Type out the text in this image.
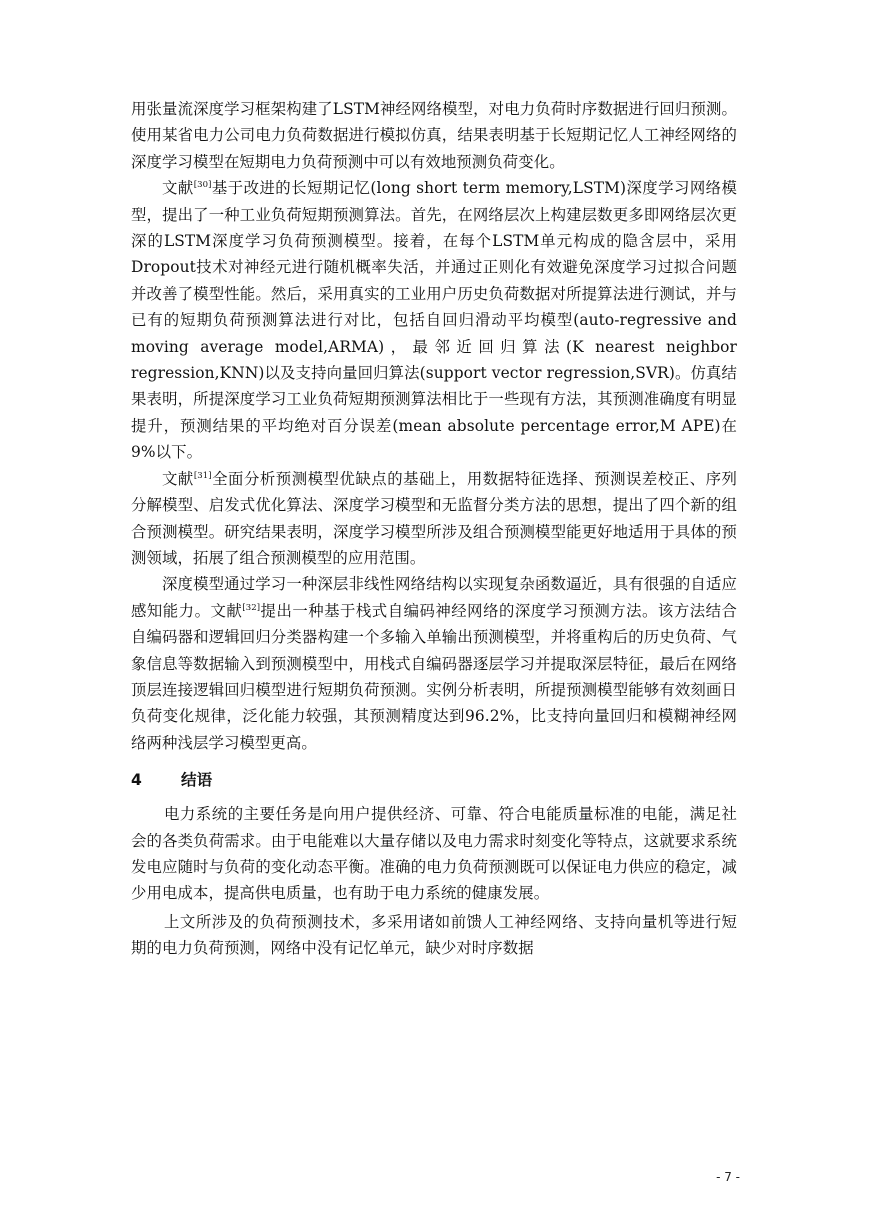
用张量流深度学习框架构建了LSTM神经网络模型，对电力负荷时序数据进行回归预测。使用某省电力公司电力负荷数据进行模拟仿真，结果表明基于长短期记忆人工神经网络的深度学习模型在短期电力负荷预测中可以有效地预测负荷变化。

文献[30]基于改进的长短期记忆(long short term memory,LSTM)深度学习网络模型，提出了一种工业负荷短期预测算法。首先，在网络层次上构建层数更多即网络层次更深的LSTM深度学习负荷预测模型。接着，在每个LSTM单元构成的隐含层中，采用Dropout技术对神经元进行随机概率失活，并通过正则化有效避免深度学习过拟合问题并改善了模型性能。然后，采用真实的工业用户历史负荷数据对所提算法进行测试，并与已有的短期负荷预测算法进行对比，包括自回归滑动平均模型(auto-regressive and moving average model,ARMA)，最邻近回归算法(K nearest neighbor regression,KNN)以及支持向量回归算法(support vector regression,SVR)。仿真结果表明，所提深度学习工业负荷短期预测算法相比于一些现有方法，其预测准确度有明显提升，预测结果的平均绝对百分误差(mean absolute percentage error,M APE)在9%以下。

文献[31]全面分析预测模型优缺点的基础上，用数据特征选择、预测误差校正、序列分解模型、启发式优化算法、深度学习模型和无监督分类方法的思想，提出了四个新的组合预测模型。研究结果表明，深度学习模型所涉及组合预测模型能更好地适用于具体的预测领域，拓展了组合预测模型的应用范围。

深度模型通过学习一种深层非线性网络结构以实现复杂函数逼近，具有很强的自适应感知能力。文献[32]提出一种基于栈式自编码神经网络的深度学习预测方法。该方法结合自编码器和逻辑回归分类器构建一个多输入单输出预测模型，并将重构后的历史负荷、气象信息等数据输入到预测模型中，用栈式自编码器逐层学习并提取深层特征，最后在网络顶层连接逻辑回归模型进行短期负荷预测。实例分析表明，所提预测模型能够有效刻画日负荷变化规律，泛化能力较强，其预测精度达到96.2%，比支持向量回归和模糊神经网络两种浅层学习模型更高。

4	结语

电力系统的主要任务是向用户提供经济、可靠、符合电能质量标准的电能，满足社会的各类负荷需求。由于电能难以大量存储以及电力需求时刻变化等特点，这就要求系统发电应随时与负荷的变化动态平衡。准确的电力负荷预测既可以保证电力供应的稳定，减少用电成本，提高供电质量，也有助于电力系统的健康发展。

上文所涉及的负荷预测技术，多采用诸如前馈人工神经网络、支持向量机等进行短期的电力负荷预测，网络中没有记忆单元，缺少对时序数据

- 7 -
